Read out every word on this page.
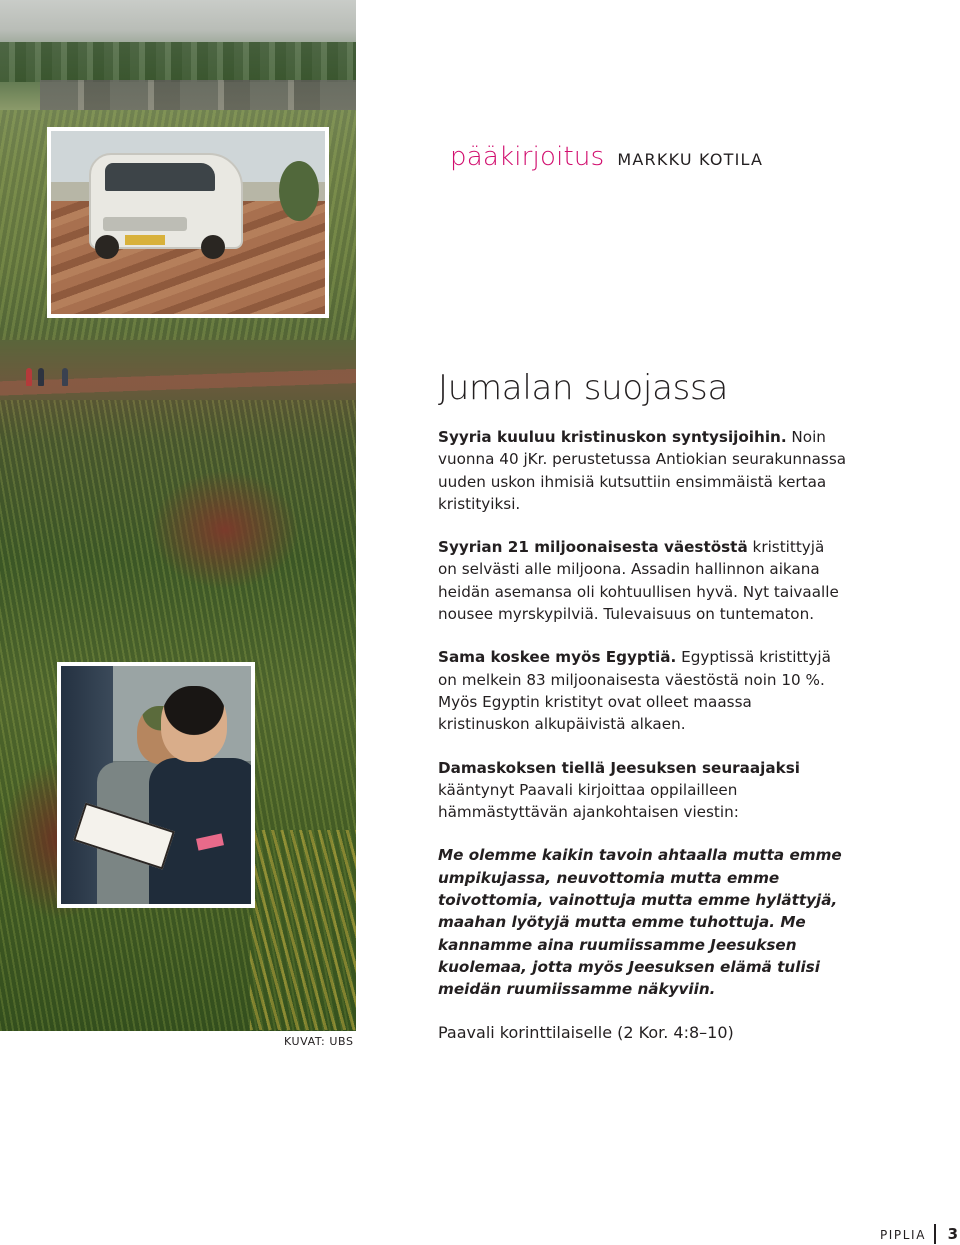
KUVAT: UBS
pääkirjoitus MARKKU KOTILA
Jumalan suojassa

Syyria kuuluu kristinuskon syntysijoihin. Noin vuonna 40 jKr. perustetussa Antiokian seurakunnassa uuden uskon ihmisiä kutsuttiin ensimmäistä kertaa kristityiksi.

Syyrian 21 miljoonaisesta väestöstä kristittyjä on selvästi alle miljoona. Assadin hallinnon aikana heidän asemansa oli kohtuullisen hyvä. Nyt taivaalle nousee myrskypilviä. Tulevaisuus on tuntematon.

Sama koskee myös Egyptiä. Egyptissä kristittyjä on melkein 83 miljoonaisesta väestöstä noin 10 %. Myös Egyptin kristityt ovat olleet maassa kristinuskon alkupäivistä alkaen.

Damaskoksen tiellä Jeesuksen seuraajaksi kääntynyt Paavali kirjoittaa oppilailleen hämmästyttävän ajankohtaisen viestin:

Me olemme kaikin tavoin ahtaalla mutta emme umpikujassa, neuvottomia mutta emme toivottomia, vainottuja mutta emme hylättyjä, maahan lyötyjä mutta emme tuhottuja. Me kannamme aina ruumiissamme Jeesuksen kuolemaa, jotta myös Jeesuksen elämä tulisi meidän ruumiissamme näkyviin.

Paavali korinttilaiselle (2 Kor. 4:8–10)

PIPLIA 3
